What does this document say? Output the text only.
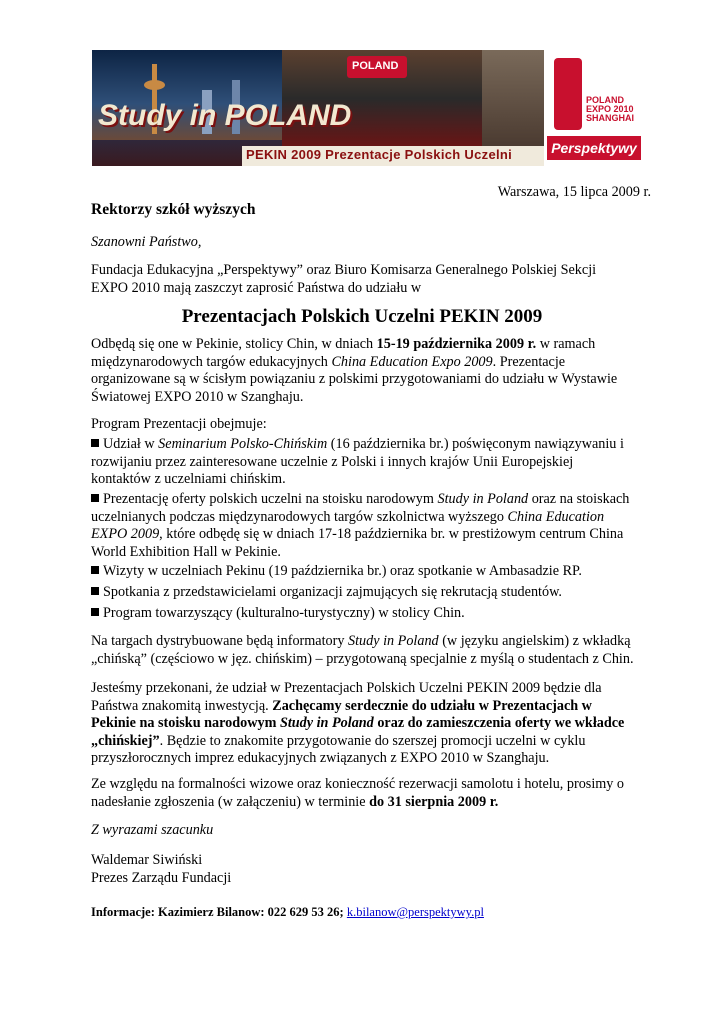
POLAND
Study in POLAND
PEKIN 2009 Prezentacje Polskich Uczelni
POLAND EXPO 2010 SHANGHAI
Perspektywy
Warszawa, 15 lipca 2009 r.
Rektorzy szkół wyższych
Szanowni Państwo,
Fundacja Edukacyjna „Perspektywy” oraz Biuro Komisarza Generalnego Polskiej Sekcji
EXPO 2010 mają zaszczyt zaprosić Państwa do udziału w
Prezentacjach Polskich Uczelni PEKIN 2009
Odbędą się one w Pekinie, stolicy Chin, w dniach 15-19 października 2009 r. w ramach
międzynarodowych targów edukacyjnych China Education Expo 2009. Prezentacje
organizowane są w ścisłym powiązaniu z polskimi przygotowaniami do udziału w Wystawie
Światowej EXPO 2010 w Szanghaju.
Program Prezentacji obejmuje:
Udział w Seminarium Polsko-Chińskim (16 października br.) poświęconym nawiązywaniu i
rozwijaniu przez zainteresowane uczelnie z Polski i innych krajów Unii Europejskiej
kontaktów z uczelniami chińskim.
Prezentację oferty polskich uczelni na stoisku narodowym Study in Poland oraz na stoiskach
uczelnianych podczas międzynarodowych targów szkolnictwa wyższego China Education
EXPO 2009, które odbędę się w dniach 17-18 października br. w prestiżowym centrum China
World Exhibition Hall w Pekinie.
Wizyty w uczelniach Pekinu (19 października br.) oraz spotkanie w Ambasadzie RP.
Spotkania z przedstawicielami organizacji zajmujących się rekrutacją studentów.
Program towarzyszący (kulturalno-turystyczny) w stolicy Chin.
Na targach dystrybuowane będą informatory Study in Poland (w języku angielskim) z wkładką
„chińską” (częściowo w jęz. chińskim) – przygotowaną specjalnie z myślą o studentach z Chin.
Jesteśmy przekonani, że udział w Prezentacjach Polskich Uczelni PEKIN 2009 będzie dla
Państwa znakomitą inwestycją. Zachęcamy serdecznie do udziału w Prezentacjach w
Pekinie na stoisku narodowym Study in Poland oraz do zamieszczenia oferty we wkładce
„chińskiej”. Będzie to znakomite przygotowanie do szerszej promocji uczelni w cyklu
przyszłorocznych imprez edukacyjnych związanych z EXPO 2010 w Szanghaju.
Ze względu na formalności wizowe oraz konieczność rezerwacji samolotu i hotelu, prosimy o
nadesłanie zgłoszenia (w załączeniu) w terminie do 31 sierpnia 2009 r.
Z wyrazami szacunku
Waldemar Siwiński
Prezes Zarządu Fundacji
Informacje: Kazimierz Bilanow: 022 629 53 26; k.bilanow@perspektywy.pl
